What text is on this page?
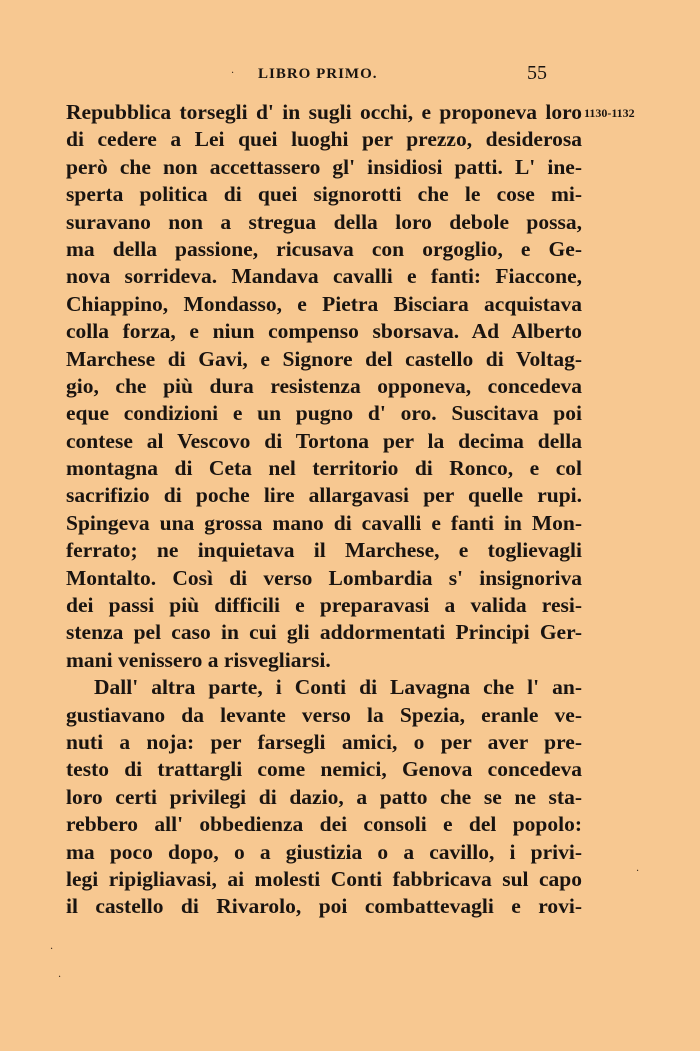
LIBRO PRIMO.	55
1130-1132
Repubblica torsegli d' in sugli occhi, e proponeva loro
di cedere a Lei quei luoghi per prezzo, desiderosa
però che non accettassero gl' insidiosi patti. L' ine-
sperta politica di quei signorotti che le cose mi-
suravano non a stregua della loro debole possa,
ma della passione, ricusava con orgoglio, e Ge-
nova sorrideva. Mandava cavalli e fanti: Fiaccone,
Chiappino, Mondasso, e Pietra Bisciara acquistava
colla forza, e niun compenso sborsava. Ad Alberto
Marchese di Gavi, e Signore del castello di Voltag-
gio, che più dura resistenza opponeva, concedeva
eque condizioni e un pugno d' oro. Suscitava poi
contese al Vescovo di Tortona per la decima della
montagna di Ceta nel territorio di Ronco, e col
sacrifizio di poche lire allargavasi per quelle rupi.
Spingeva una grossa mano di cavalli e fanti in Mon-
ferrato; ne inquietava il Marchese, e toglievagli
Montalto. Così di verso Lombardia s' insignoriva
dei passi più difficili e preparavasi a valida resi-
stenza pel caso in cui gli addormentati Principi Ger-
mani venissero a risvegliarsi.
Dall' altra parte, i Conti di Lavagna che l' an-
gustiavano da levante verso la Spezia, eranle ve-
nuti a noja: per farsegli amici, o per aver pre-
testo di trattargli come nemici, Genova concedeva
loro certi privilegi di dazio, a patto che se ne sta-
rebbero all' obbedienza dei consoli e del popolo:
ma poco dopo, o a giustizia o a cavillo, i privi-
legi ripigliavasi, ai molesti Conti fabbricava sul capo
il castello di Rivarolo, poi combattevagli e rovi-
·
·
·
·
